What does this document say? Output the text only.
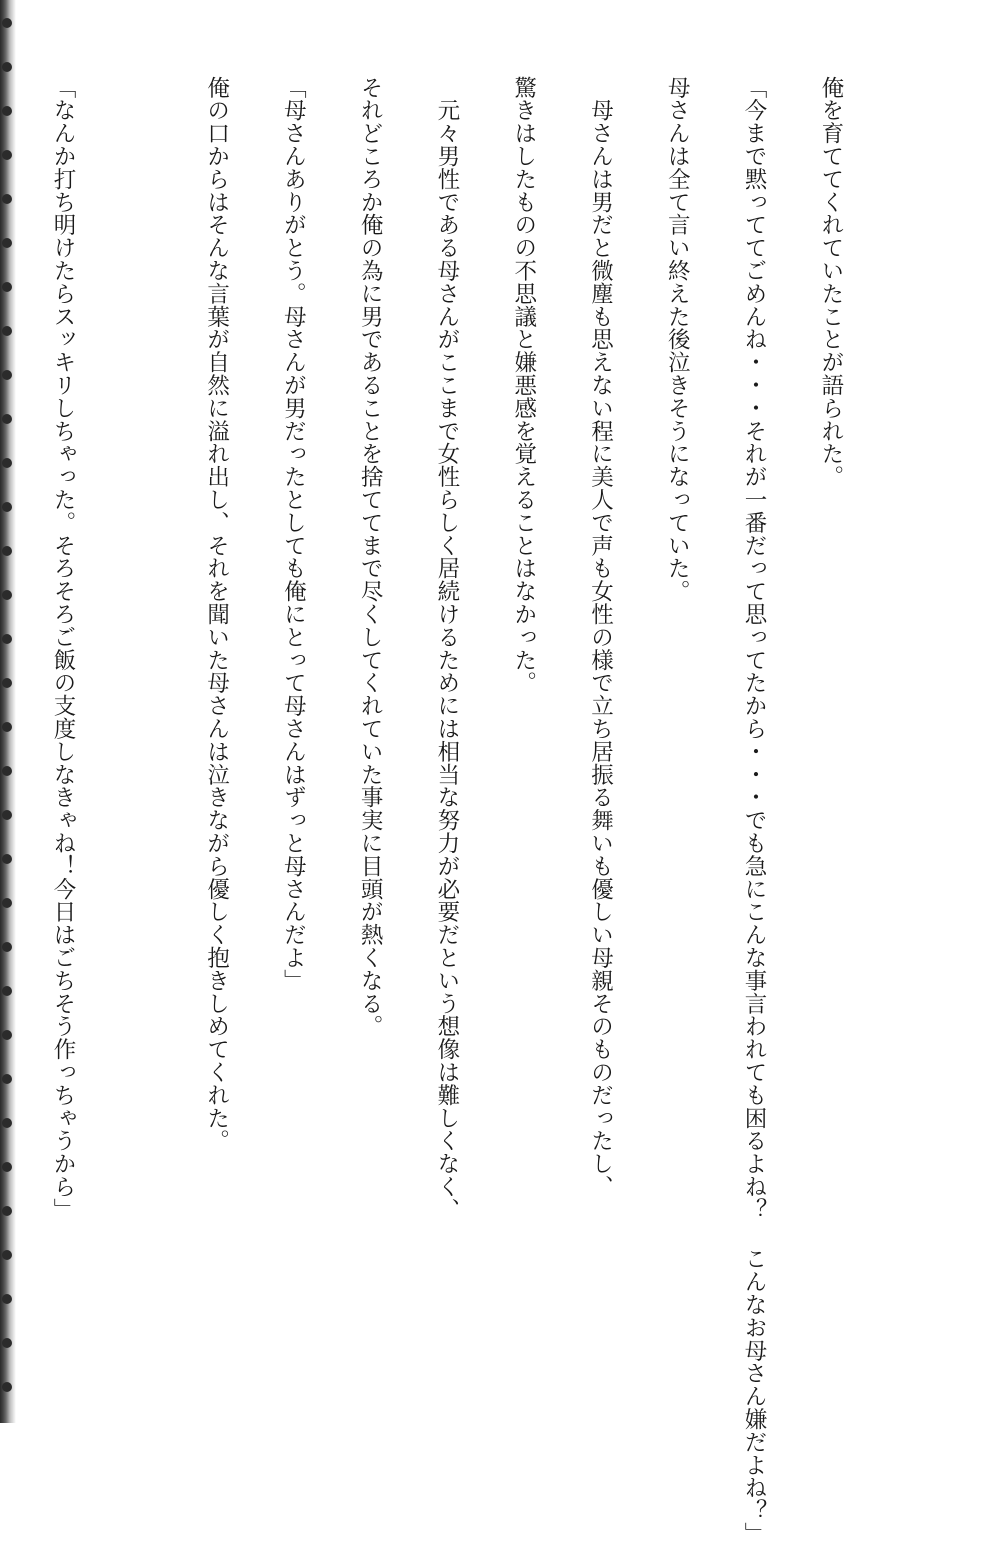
俺を育ててくれていたことが語られた。

「今まで黙っててごめんね・・・それが一番だって思ってたから・・・でも急にこんな事言われても困るよね？ こんなお母さん嫌だよね？」

母さんは全て言い終えた後泣きそうになっていた。

　母さんは男だと微塵も思えない程に美人で声も女性の様で立ち居振る舞いも優しい母親そのものだったし、

驚きはしたものの不思議と嫌悪感を覚えることはなかった。

　元々男性である母さんがここまで女性らしく居続けるためには相当な努力が必要だという想像は難しくなく、

それどころか俺の為に男であることを捨ててまで尽くしてくれていた事実に目頭が熱くなる。

「母さんありがとう。母さんが男だったとしても俺にとって母さんはずっと母さんだよ」

俺の口からはそんな言葉が自然に溢れ出し、それを聞いた母さんは泣きながら優しく抱きしめてくれた。

「なんか打ち明けたらスッキリしちゃった。そろそろご飯の支度しなきゃね！今日はごちそう作っちゃうから」
